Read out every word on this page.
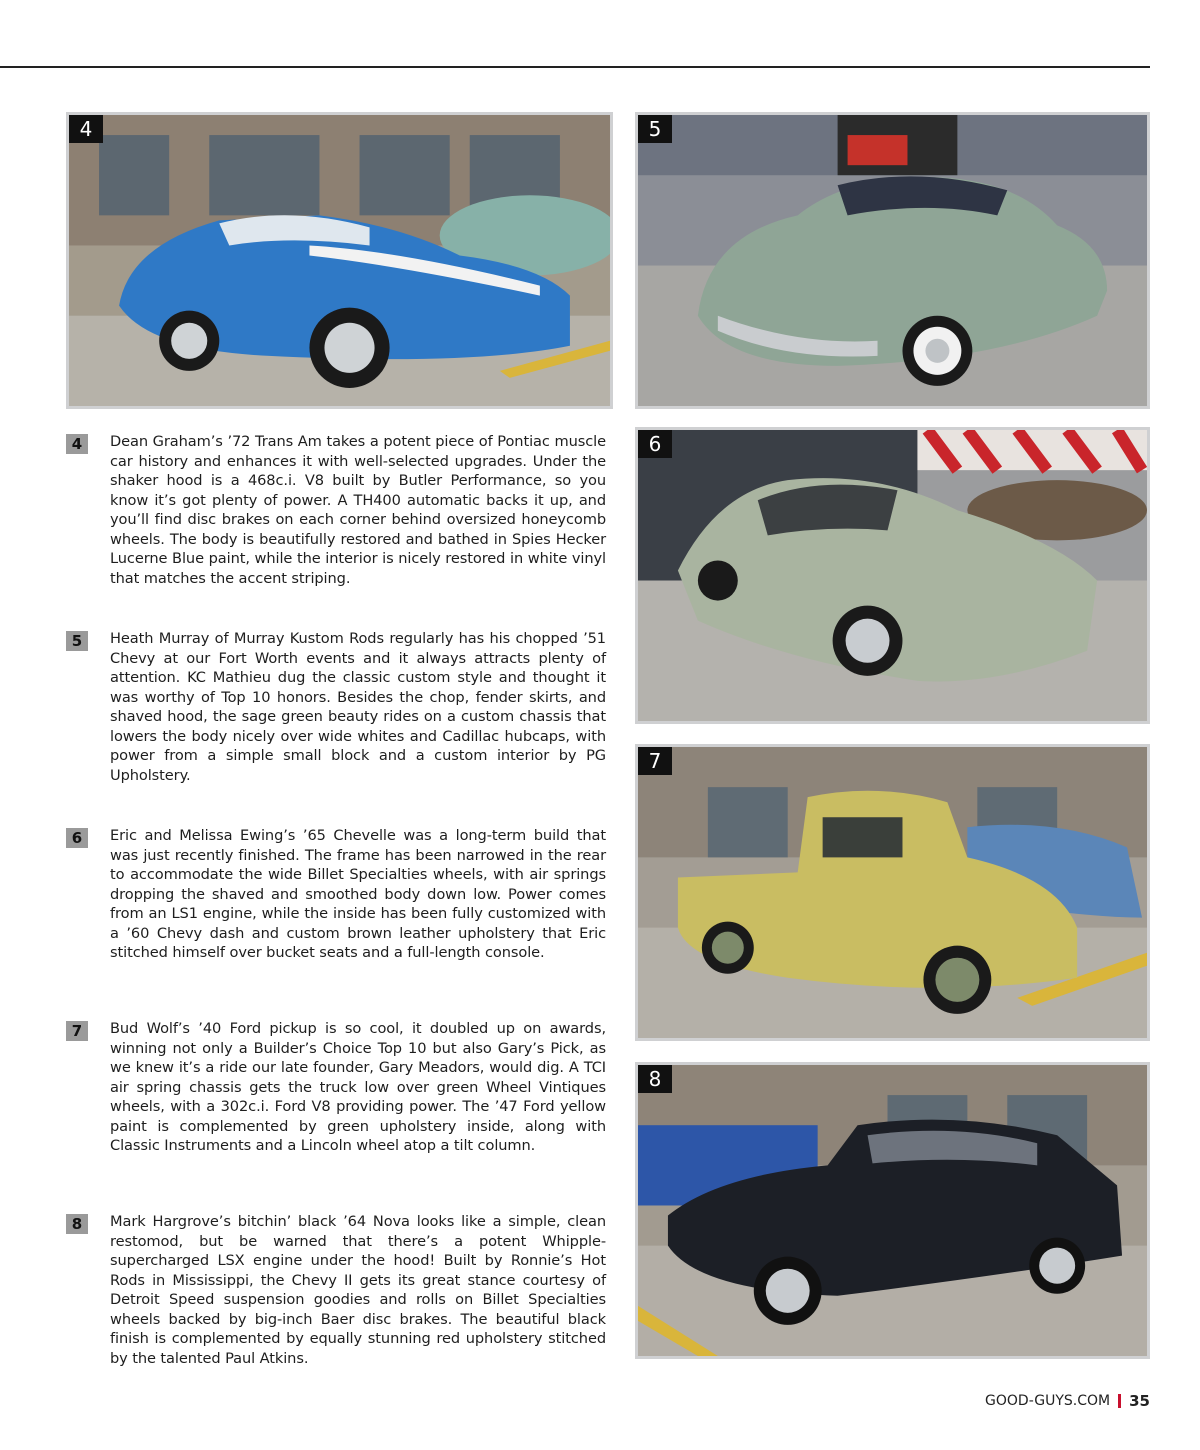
4	5
6
7
8
4	Dean Graham’s ’72 Trans Am takes a potent piece of Pontiac muscle car history and enhances it with well-selected upgrades. Under the shaker hood is a 468c.i. V8 built by Butler Performance, so you know it’s got plenty of power. A TH400 automatic backs it up, and you’ll find disc brakes on each corner behind oversized honeycomb wheels. The body is beautifully restored and bathed in Spies Hecker Lucerne Blue paint, while the interior is nicely restored in white vinyl that matches the accent striping.
5	Heath Murray of Murray Kustom Rods regularly has his chopped ’51 Chevy at our Fort Worth events and it always attracts plenty of attention. KC Mathieu dug the classic custom style and thought it was worthy of Top 10 honors. Besides the chop, fender skirts, and shaved hood, the sage green beauty rides on a custom chassis that lowers the body nicely over wide whites and Cadillac hubcaps, with power from a simple small block and a custom interior by PG Upholstery.
6	Eric and Melissa Ewing’s ’65 Chevelle was a long-term build that was just recently finished. The frame has been narrowed in the rear to accommodate the wide Billet Specialties wheels, with air springs dropping the shaved and smoothed body down low. Power comes from an LS1 engine, while the inside has been fully customized with a ’60 Chevy dash and custom brown leather upholstery that Eric stitched himself over bucket seats and a full-length console.
7	Bud Wolf’s ’40 Ford pickup is so cool, it doubled up on awards, winning not only a Builder’s Choice Top 10 but also Gary’s Pick, as we knew it’s a ride our late founder, Gary Meadors, would dig. A TCI air spring chassis gets the truck low over green Wheel Vintiques wheels, with a 302c.i. Ford V8 providing power. The ’47 Ford yellow paint is complemented by green upholstery inside, along with Classic Instruments and a Lincoln wheel atop a tilt column.
8	Mark Hargrove’s bitchin’ black ’64 Nova looks like a simple, clean restomod, but be warned that there’s a potent Whipple-supercharged LSX engine under the hood! Built by Ronnie’s Hot Rods in Mississippi, the Chevy II gets its great stance courtesy of Detroit Speed suspension goodies and rolls on Billet Specialties wheels backed by big-inch Baer disc brakes. The beautiful black finish is complemented by equally stunning red upholstery stitched by the talented Paul Atkins.
GOOD-GUYS.COM 35
